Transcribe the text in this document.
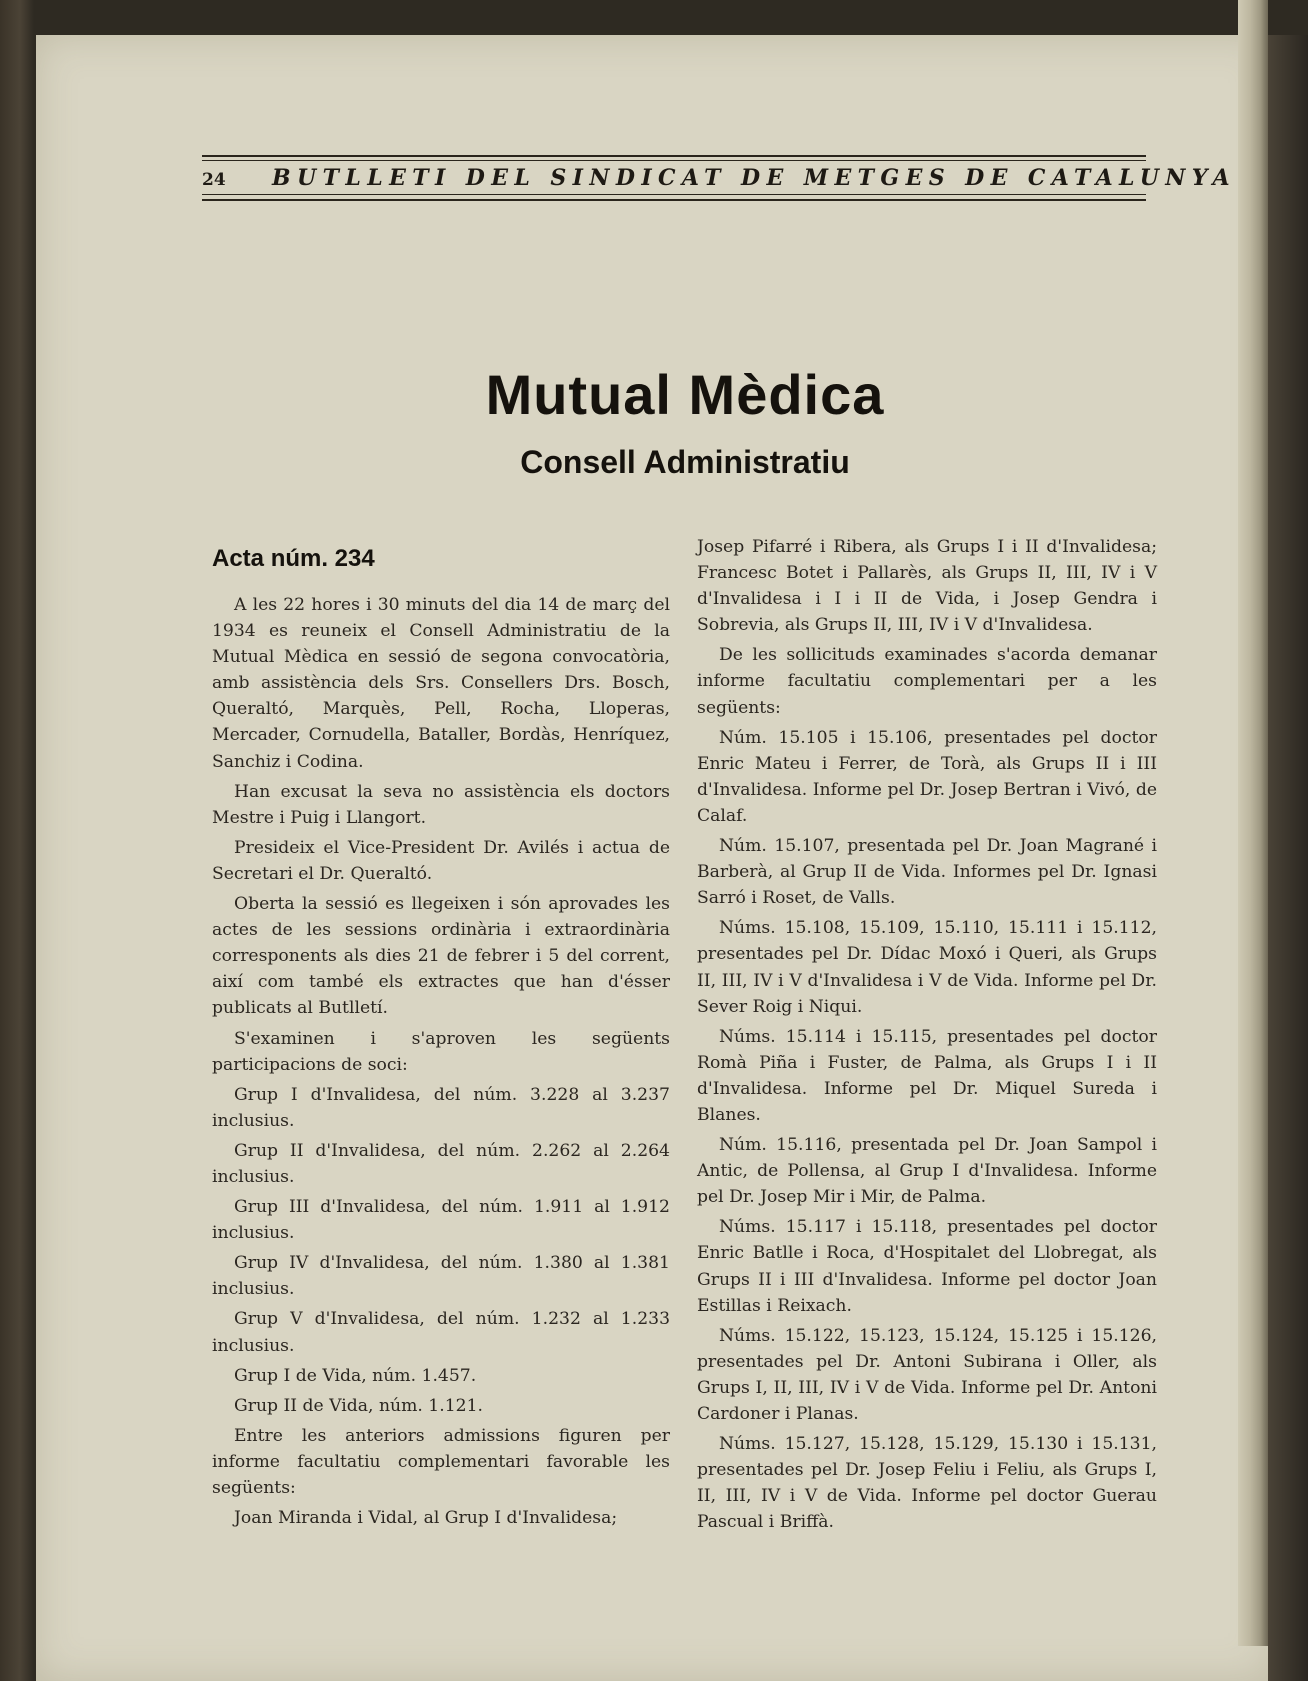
24 BUTLLETI DEL SINDICAT DE METGES DE CATALUNYA
Mutual Mèdica
Consell Administratiu
Acta núm. 234

A les 22 hores i 30 minuts del dia 14 de març del 1934 es reuneix el Consell Administratiu de la Mutual Mèdica en sessió de segona convocatòria, amb assistència dels Srs. Consellers Drs. Bosch, Queraltó, Marquès, Pell, Rocha, Lloperas, Mercader, Cornudella, Bataller, Bordàs, Henríquez, Sanchiz i Codina.

Han excusat la seva no assistència els doctors Mestre i Puig i Llangort.

Presideix el Vice-President Dr. Avilés i actua de Secretari el Dr. Queraltó.

Oberta la sessió es llegeixen i són aprovades les actes de les sessions ordinària i extraordinària corresponents als dies 21 de febrer i 5 del corrent, així com també els extractes que han d'ésser publicats al Butlletí.

S'examinen i s'aproven les següents participacions de soci:

Grup I d'Invalidesa, del núm. 3.228 al 3.237 inclusius.

Grup II d'Invalidesa, del núm. 2.262 al 2.264 inclusius.

Grup III d'Invalidesa, del núm. 1.911 al 1.912 inclusius.

Grup IV d'Invalidesa, del núm. 1.380 al 1.381 inclusius.

Grup V d'Invalidesa, del núm. 1.232 al 1.233 inclusius.

Grup I de Vida, núm. 1.457.

Grup II de Vida, núm. 1.121.

Entre les anteriors admissions figuren per informe facultatiu complementari favorable les següents:

Joan Miranda i Vidal, al Grup I d'Invalidesa;

Josep Pifarré i Ribera, als Grups I i II d'Invalidesa; Francesc Botet i Pallarès, als Grups II, III, IV i V d'Invalidesa i I i II de Vida, i Josep Gendra i Sobrevia, als Grups II, III, IV i V d'Invalidesa.

De les sollicituds examinades s'acorda demanar informe facultatiu complementari per a les següents:

Núm. 15.105 i 15.106, presentades pel doctor Enric Mateu i Ferrer, de Torà, als Grups II i III d'Invalidesa. Informe pel Dr. Josep Bertran i Vivó, de Calaf.

Núm. 15.107, presentada pel Dr. Joan Magrané i Barberà, al Grup II de Vida. Informes pel Dr. Ignasi Sarró i Roset, de Valls.

Núms. 15.108, 15.109, 15.110, 15.111 i 15.112, presentades pel Dr. Dídac Moxó i Queri, als Grups II, III, IV i V d'Invalidesa i V de Vida. Informe pel Dr. Sever Roig i Niqui.

Núms. 15.114 i 15.115, presentades pel doctor Romà Piña i Fuster, de Palma, als Grups I i II d'Invalidesa. Informe pel Dr. Miquel Sureda i Blanes.

Núm. 15.116, presentada pel Dr. Joan Sampol i Antic, de Pollensa, al Grup I d'Invalidesa. Informe pel Dr. Josep Mir i Mir, de Palma.

Núms. 15.117 i 15.118, presentades pel doctor Enric Batlle i Roca, d'Hospitalet del Llobregat, als Grups II i III d'Invalidesa. Informe pel doctor Joan Estillas i Reixach.

Núms. 15.122, 15.123, 15.124, 15.125 i 15.126, presentades pel Dr. Antoni Subirana i Oller, als Grups I, II, III, IV i V de Vida. Informe pel Dr. Antoni Cardoner i Planas.

Núms. 15.127, 15.128, 15.129, 15.130 i 15.131, presentades pel Dr. Josep Feliu i Feliu, als Grups I, II, III, IV i V de Vida. Informe pel doctor Guerau Pascual i Briffà.
